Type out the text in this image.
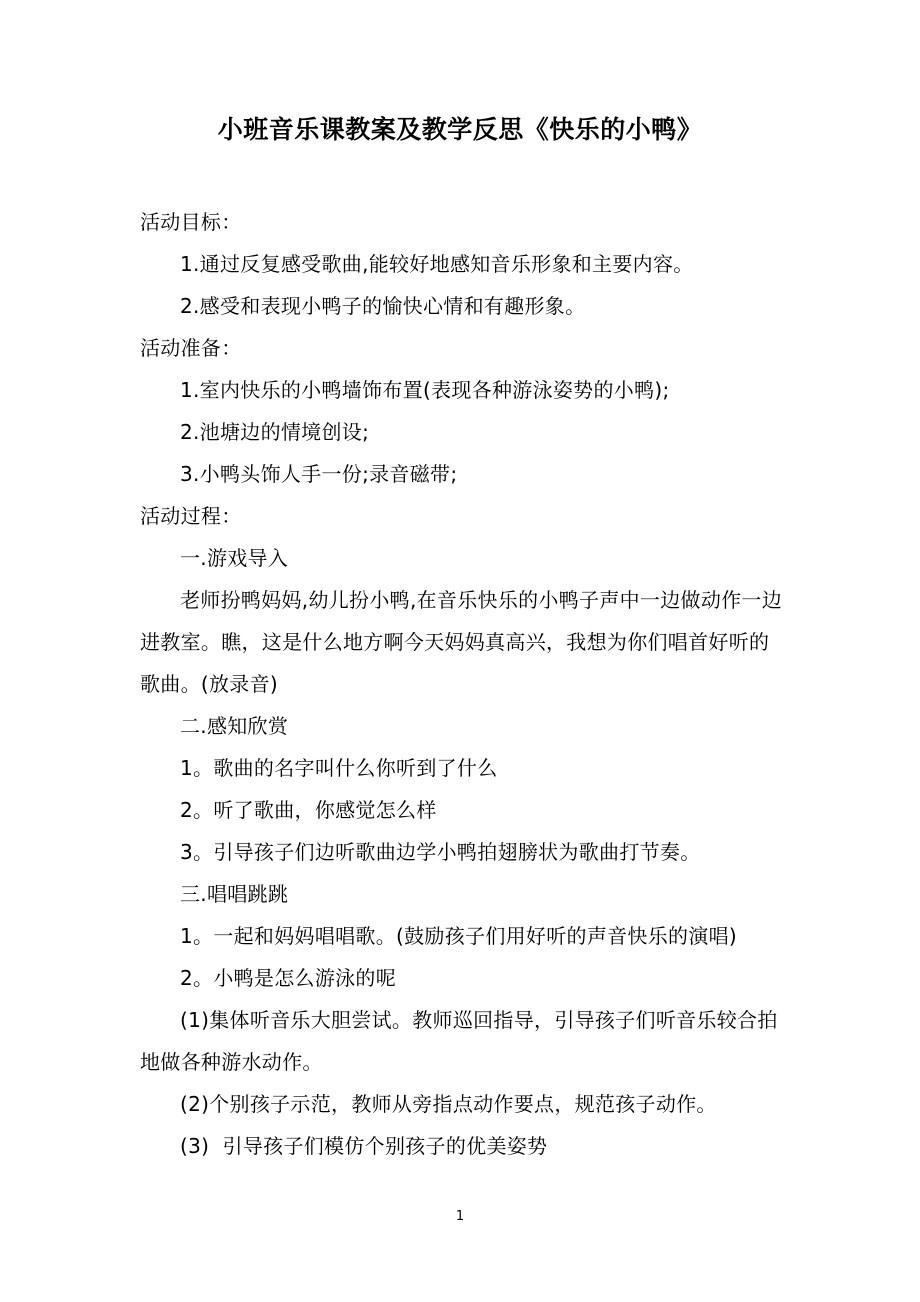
小班音乐课教案及教学反思《快乐的小鸭》

活动目标：

1.通过反复感受歌曲,能较好地感知音乐形象和主要内容。

2.感受和表现小鸭子的愉快心情和有趣形象。

活动准备：

1.室内快乐的小鸭墙饰布置(表现各种游泳姿势的小鸭);

2.池塘边的情境创设;

3.小鸭头饰人手一份;录音磁带;

活动过程：

一.游戏导入

老师扮鸭妈妈,幼儿扮小鸭,在音乐快乐的小鸭子声中一边做动作一边进教室。瞧，这是什么地方啊今天妈妈真高兴，我想为你们唱首好听的歌曲。(放录音)

二.感知欣赏

1。歌曲的名字叫什么你听到了什么

2。听了歌曲，你感觉怎么样

3。引导孩子们边听歌曲边学小鸭拍翅膀状为歌曲打节奏。

三.唱唱跳跳

1。一起和妈妈唱唱歌。(鼓励孩子们用好听的声音快乐的演唱)

2。小鸭是怎么游泳的呢

(1)集体听音乐大胆尝试。教师巡回指导，引导孩子们听音乐较合拍地做各种游水动作。

(2)个别孩子示范，教师从旁指点动作要点，规范孩子动作。

(3)  引导孩子们模仿个别孩子的优美姿势

1
